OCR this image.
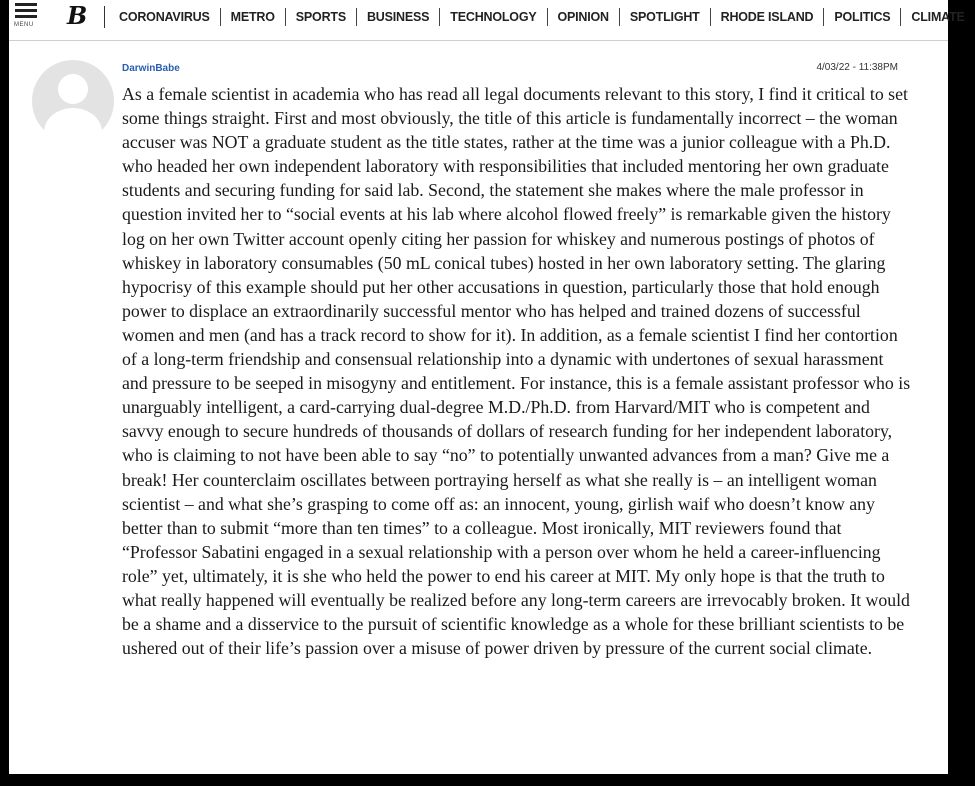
MENU B	CORONAVIRUS	METRO	SPORTS	BUSINESS	TECHNOLOGY	OPINION	SPOTLIGHT	RHODE ISLAND	POLITICS	CLIMATE
DarwinBabe	4/03/22 - 11:38PM

As a female scientist in academia who has read all legal documents relevant to this story, I find it critical to set some things straight. First and most obviously, the title of this article is fundamentally incorrect – the woman accuser was NOT a graduate student as the title states, rather at the time was a junior colleague with a Ph.D. who headed her own independent laboratory with responsibilities that included mentoring her own graduate students and securing funding for said lab. Second, the statement she makes where the male professor in question invited her to “social events at his lab where alcohol flowed freely” is remarkable given the history log on her own Twitter account openly citing her passion for whiskey and numerous postings of photos of whiskey in laboratory consumables (50 mL conical tubes) hosted in her own laboratory setting. The glaring hypocrisy of this example should put her other accusations in question, particularly those that hold enough power to displace an extraordinarily successful mentor who has helped and trained dozens of successful women and men (and has a track record to show for it). In addition, as a female scientist I find her contortion of a long-term friendship and consensual relationship into a dynamic with undertones of sexual harassment and pressure to be seeped in misogyny and entitlement. For instance, this is a female assistant professor who is unarguably intelligent, a card-carrying dual-degree M.D./Ph.D. from Harvard/MIT who is competent and savvy enough to secure hundreds of thousands of dollars of research funding for her independent laboratory, who is claiming to not have been able to say “no” to potentially unwanted advances from a man? Give me a break! Her counterclaim oscillates between portraying herself as what she really is – an intelligent woman scientist – and what she’s grasping to come off as: an innocent, young, girlish waif who doesn’t know any better than to submit “more than ten times” to a colleague. Most ironically, MIT reviewers found that “Professor Sabatini engaged in a sexual relationship with a person over whom he held a career-influencing role” yet, ultimately, it is she who held the power to end his career at MIT. My only hope is that the truth to what really happened will eventually be realized before any long-term careers are irrevocably broken. It would be a shame and a disservice to the pursuit of scientific knowledge as a whole for these brilliant scientists to be ushered out of their life’s passion over a misuse of power driven by pressure of the current social climate.
